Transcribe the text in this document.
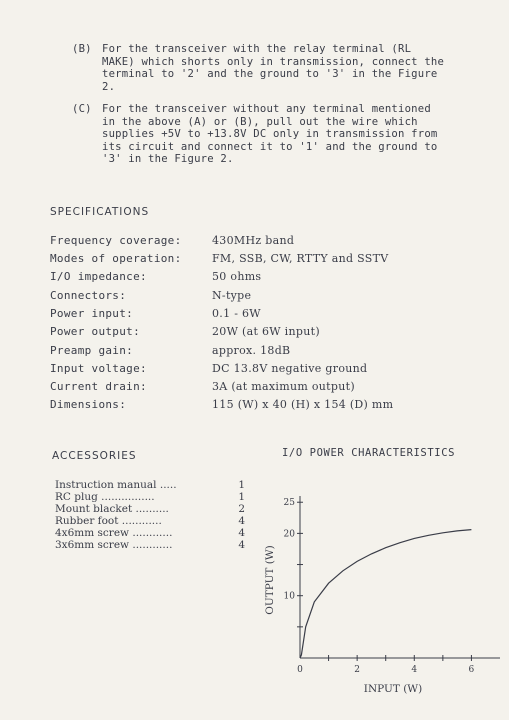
(B) For the transceiver with the relay terminal (RL
MAKE) which shorts only in transmission, connect the
terminal to '2' and the ground to '3' in the Figure
2.
(C) For the transceiver without any terminal mentioned
in the above (A) or (B), pull out the wire which
supplies +5V to +13.8V DC only in transmission from
its circuit and connect it to '1' and the ground to
'3' in the Figure 2.
SPECIFICATIONS
Frequency coverage:	430MHz band
Modes of operation:	FM, SSB, CW, RTTY and SSTV
I/O impedance:	50 ohms
Connectors:	N-type
Power input:	0.1 - 6W
Power output:	20W (at 6W input)
Preamp gain:	approx. 18dB
Input voltage:	DC 13.8V negative ground
Current drain:	3A (at maximum output)
Dimensions:	115 (W) x 40 (H) x 154 (D) mm
ACCESSORIES
Instruction manual .....	1
RC plug ................	1
Mount blacket ..........	2
Rubber foot ............	4
4x6mm screw ............	4
3x6mm screw ............	4
I/O POWER CHARACTERISTICS
0	2	4	6
10
20
25
INPUT (W)
OUTPUT (W)
